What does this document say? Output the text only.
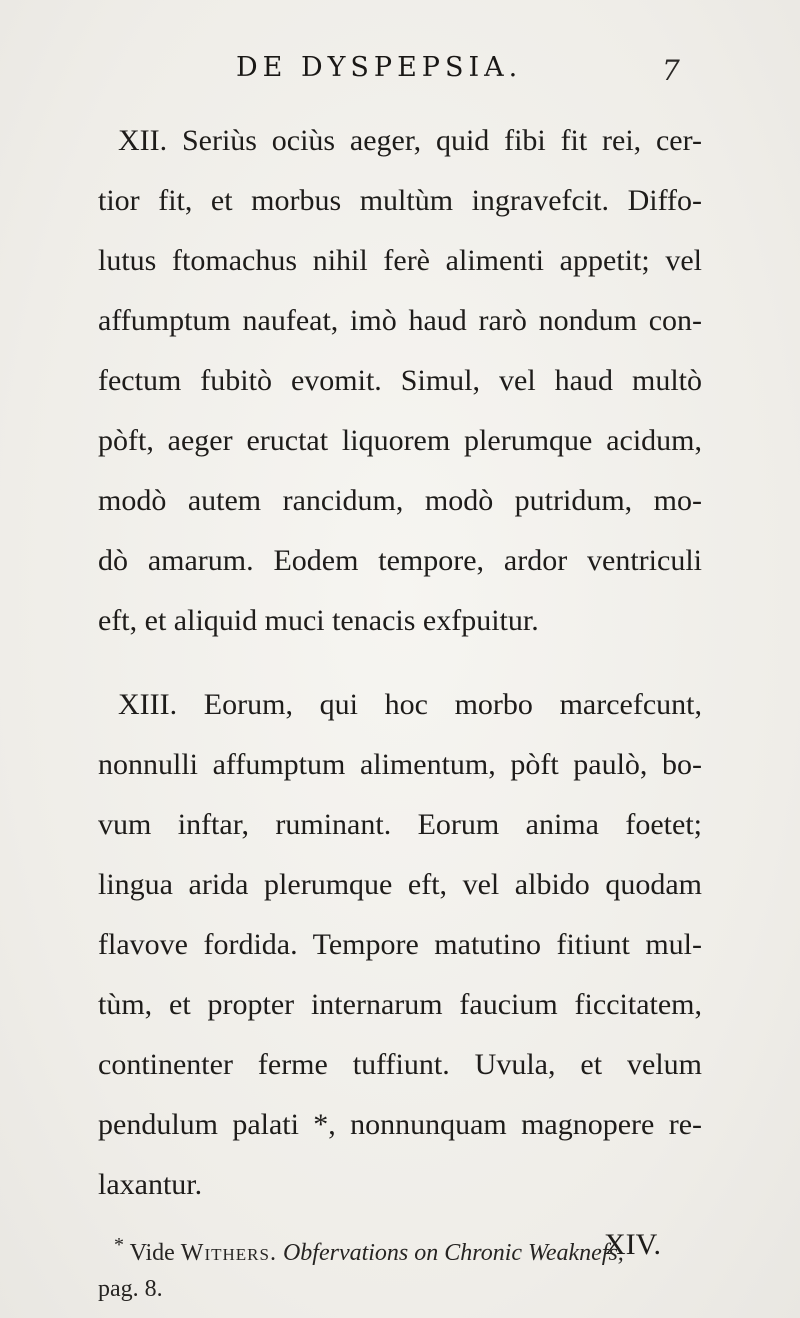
DE DYSPEPSIA.	7
XII. Seriùs ociùs aeger, quid fibi fit rei, cer-
tior fit, et morbus multùm ingravefcit. Diffo-
lutus ftomachus nihil ferè alimenti appetit; vel
affumptum naufeat, imò haud rarò nondum con-
fectum fubitò evomit. Simul, vel haud multò
pòft, aeger eructat liquorem plerumque acidum,
modò autem rancidum, modò putridum, mo-
dò amarum. Eodem tempore, ardor ventriculi
eft, et aliquid muci tenacis exfpuitur.
XIII. Eorum, qui hoc morbo marcefcunt,
nonnulli affumptum alimentum, pòft paulò, bo-
vum inftar, ruminant. Eorum anima foetet;
lingua arida plerumque eft, vel albido quodam
flavove fordida. Tempore matutino fitiunt mul-
tùm, et propter internarum faucium ficcitatem,
continenter ferme tuffiunt. Uvula, et velum
pendulum palati *, nonnunquam magnopere re-
laxantur.
XIV.
* Vide Withers. Obfervations on Chronic Weaknefs,
pag. 8.
